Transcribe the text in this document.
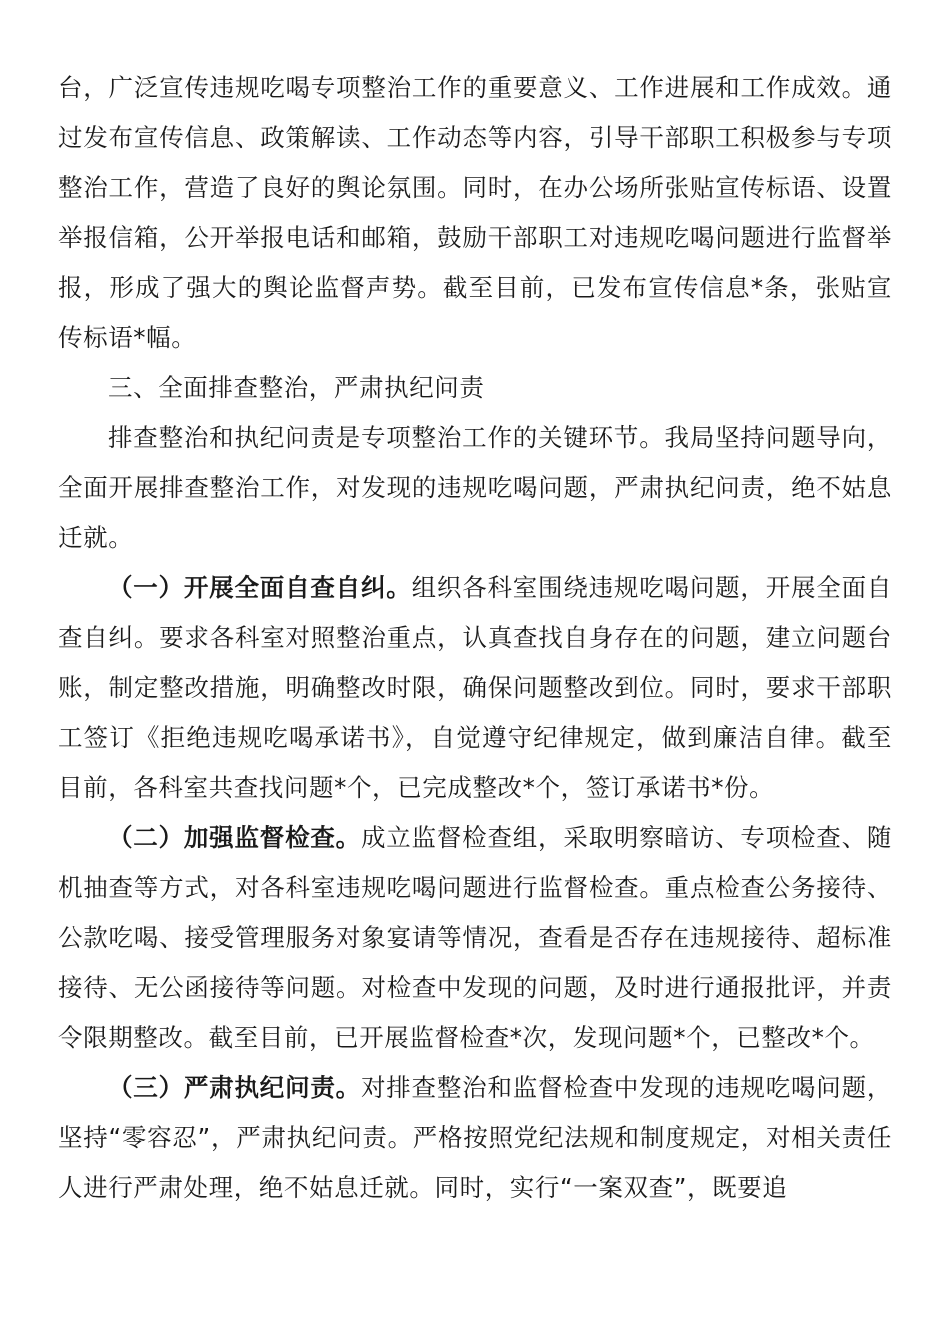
台，广泛宣传违规吃喝专项整治工作的重要意义、工作进展和工作成效。通过发布宣传信息、政策解读、工作动态等内容，引导干部职工积极参与专项整治工作，营造了良好的舆论氛围。同时，在办公场所张贴宣传标语、设置举报信箱，公开举报电话和邮箱，鼓励干部职工对违规吃喝问题进行监督举报，形成了强大的舆论监督声势。截至目前，已发布宣传信息*条，张贴宣传标语*幅。

三、全面排查整治，严肃执纪问责

排查整治和执纪问责是专项整治工作的关键环节。我局坚持问题导向，全面开展排查整治工作，对发现的违规吃喝问题，严肃执纪问责，绝不姑息迁就。

（一）开展全面自查自纠。组织各科室围绕违规吃喝问题，开展全面自查自纠。要求各科室对照整治重点，认真查找自身存在的问题，建立问题台账，制定整改措施，明确整改时限，确保问题整改到位。同时，要求干部职工签订《拒绝违规吃喝承诺书》，自觉遵守纪律规定，做到廉洁自律。截至目前，各科室共查找问题*个，已完成整改*个，签订承诺书*份。

（二）加强监督检查。成立监督检查组，采取明察暗访、专项检查、随机抽查等方式，对各科室违规吃喝问题进行监督检查。重点检查公务接待、公款吃喝、接受管理服务对象宴请等情况，查看是否存在违规接待、超标准接待、无公函接待等问题。对检查中发现的问题，及时进行通报批评，并责令限期整改。截至目前，已开展监督检查*次，发现问题*个，已整改*个。

（三）严肃执纪问责。对排查整治和监督检查中发现的违规吃喝问题，坚持“零容忍”，严肃执纪问责。严格按照党纪法规和制度规定，对相关责任人进行严肃处理，绝不姑息迁就。同时，实行“一案双查”，既要追
